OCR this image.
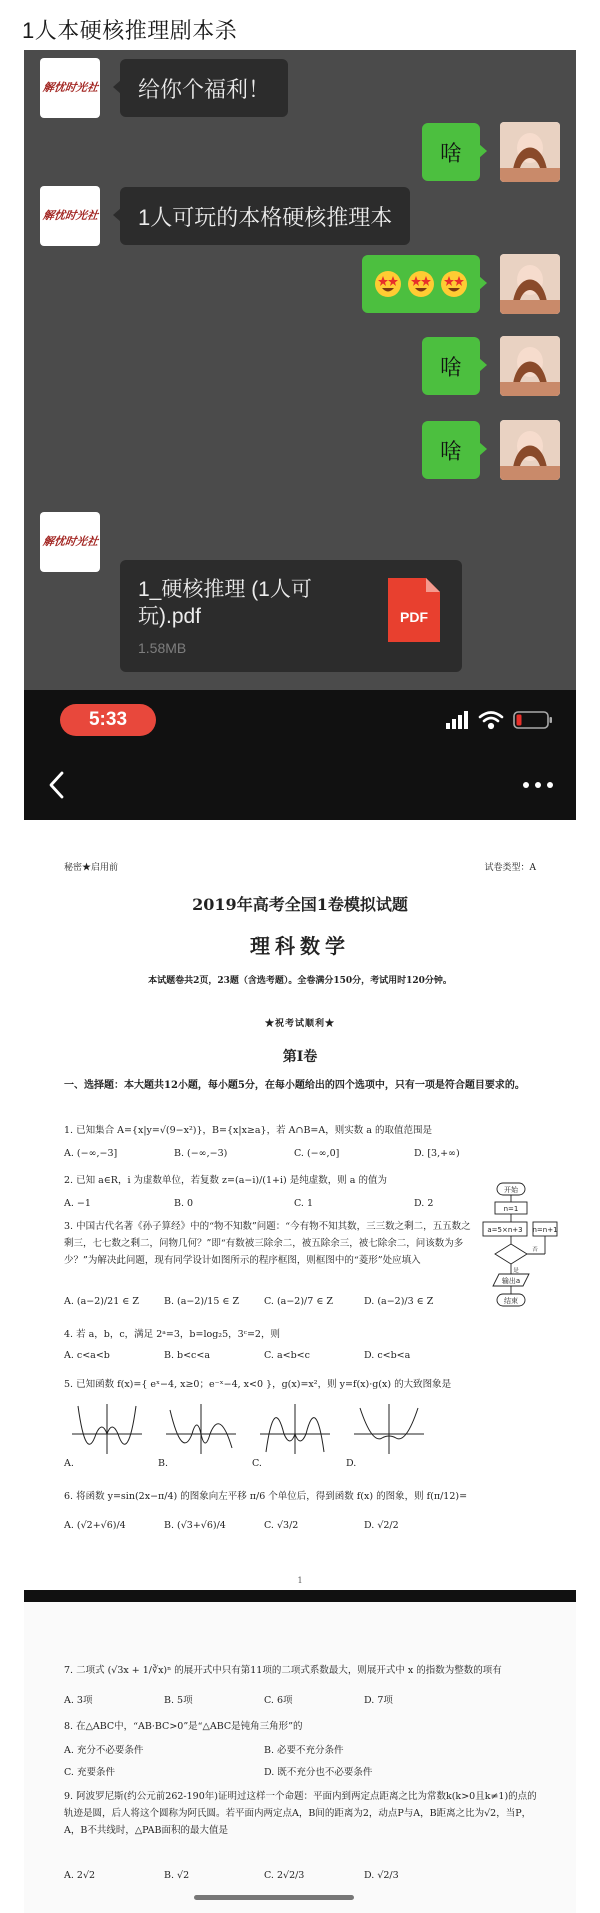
1人本硬核推理剧本杀
解忧时光社	给你个福利！
啥
解忧时光社	1人可玩的本格硬核推理本
啥
啥
解忧时光社
1_硬核推理 (1人可玩).pdf
1.58MB
PDF
5:33
秘密★启用前	试卷类型：A
2019年高考全国1卷模拟试题
理科数学
本试题卷共2页，23题（含选考题）。全卷满分150分，考试用时120分钟。
★祝考试顺利★
第Ⅰ卷
一、选择题：本大题共12小题，每小题5分，在每小题给出的四个选项中，只有一项是符合题目要求的。
1. 已知集合 A={x|y=√(9−x²)}，B={x|x≥a}，若 A∩B=A，则实数 a 的取值范围是
A. (−∞,−3]	B. (−∞,−3)	C. (−∞,0]	D. [3,+∞)
2. 已知 a∈R，i 为虚数单位，若复数 z=(a−i)/(1+i) 是纯虚数，则 a 的值为
A. −1	B. 0	C. 1	D. 2
3. 中国古代名著《孙子算经》中的“物不知数”问题：“今有物不知其数，三三数之剩二，五五数之剩三，七七数之剩二，问物几何？”即“有数被三除余二，被五除余三，被七除余二，问该数为多少？”为解决此问题，现有同学设计如图所示的程序框图，则框图中的“菱形”处应填入
A. (a−2)/21 ∈ Z	B. (a−2)/15 ∈ Z	C. (a−2)/7 ∈ Z	D. (a−2)/3 ∈ Z
开始
n=1
a=5×n+3 n=n+1
否
是
输出a
结束
4. 若 a，b，c，满足 2ᵃ=3，b=log₂5，3ᶜ=2，则
A. c<a<b	B. b<c<a	C. a<b<c	D. c<b<a
5. 已知函数 f(x)={ eˣ−4, x≥0；e⁻ˣ−4, x<0 }，g(x)=x²，则 y=f(x)·g(x) 的大致图象是
A.	B.	C.	D.
6. 将函数 y=sin(2x−π/4) 的图象向左平移 π/6 个单位后，得到函数 f(x) 的图象，则 f(π/12)=
A. (√2+√6)/4	B. (√3+√6)/4	C. √3/2	D. √2/2
1
7. 二项式 (√3x + 1/∛x)ⁿ 的展开式中只有第11项的二项式系数最大，则展开式中 x 的指数为整数的项有
A. 3项	B. 5项	C. 6项	D. 7项
8. 在△ABC中，“AB·BC>0”是“△ABC是钝角三角形”的
A. 充分不必要条件	B. 必要不充分条件
C. 充要条件	D. 既不充分也不必要条件
9. 阿波罗尼斯(约公元前262-190年)证明过这样一个命题：平面内到两定点距离之比为常数k(k>0且k≠1)的点的轨迹是圆，后人将这个圆称为阿氏圆。若平面内两定点A，B间的距离为2，动点P与A，B距离之比为√2，当P，A，B不共线时，△PAB面积的最大值是
A. 2√2	B. √2	C. 2√2/3	D. √2/3
